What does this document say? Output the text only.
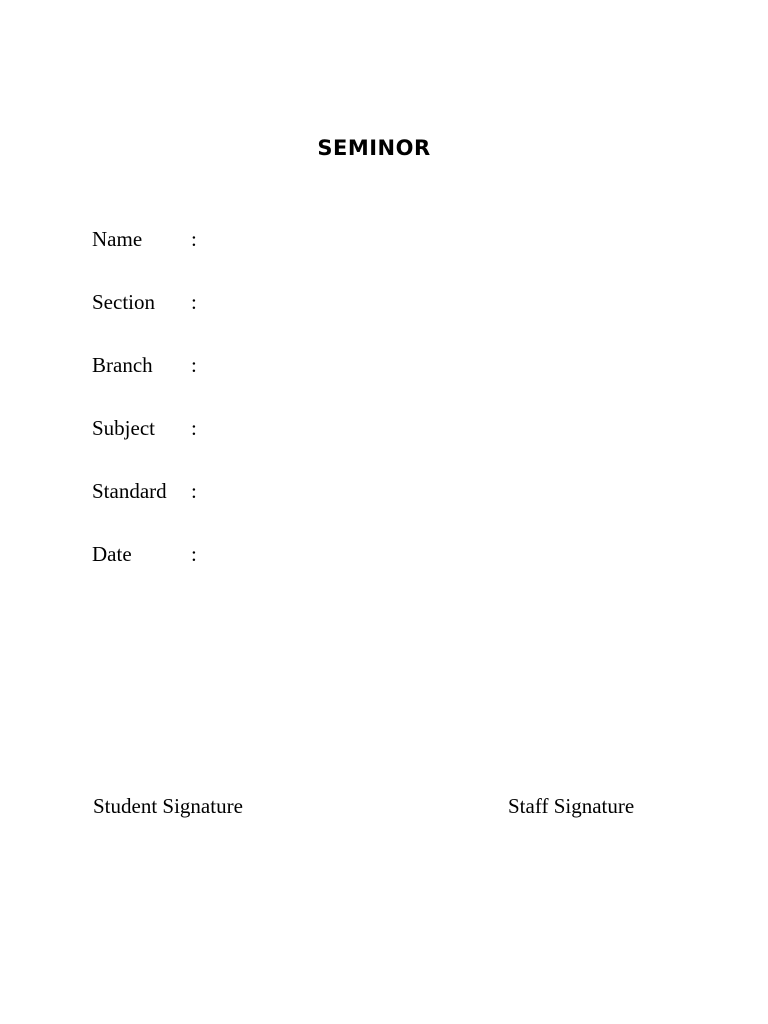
SEMINOR
Name :
Section :
Branch :
Subject :
Standard :
Date	:
Student Signature	Staff Signature
